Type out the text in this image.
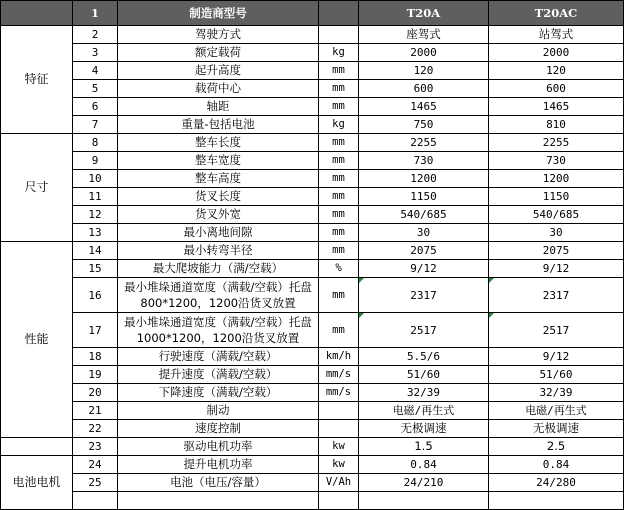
	1	制造商型号		T20A	T20AC
特征	2	驾驶方式		座驾式	站驾式
	3	额定载荷	kg	2000	2000
	4	起升高度	mm	120	120
	5	载荷中心	mm	600	600
	6	轴距	mm	1465	1465
	7	重量-包括电池	kg	750	810
尺寸	8	整车长度	mm	2255	2255
	9	整车宽度	mm	730	730
	10	整车高度	mm	1200	1200
	11	货叉长度	mm	1150	1150
	12	货叉外宽	mm	540/685	540/685
	13	最小离地间隙	mm	30	30
性能	14	最小转弯半径	mm	2075	2075
	15	最大爬坡能力（满/空载）	%	9/12	9/12
	16	最小堆垛通道宽度（满载/空载）托盘800*1200，1200沿货叉放置	mm	2317	2317
	17	最小堆垛通道宽度（满载/空载）托盘1000*1200，1200沿货叉放置	mm	2517	2517
	18	行驶速度（满载/空载）	km/h	5.5/6	9/12
	19	提升速度（满载/空载）	mm/s	51/60	51/60
	20	下降速度（满载/空载）	mm/s	32/39	32/39
	21	制动		电磁/再生式	电磁/再生式
	22	速度控制		无极调速	无极调速
	23	驱动电机功率	kw	1.5	2.5
电池电机	24	提升电机功率	kw	0.84	0.84
	25	电池（电压/容量）	V/Ah	24/210	24/280
